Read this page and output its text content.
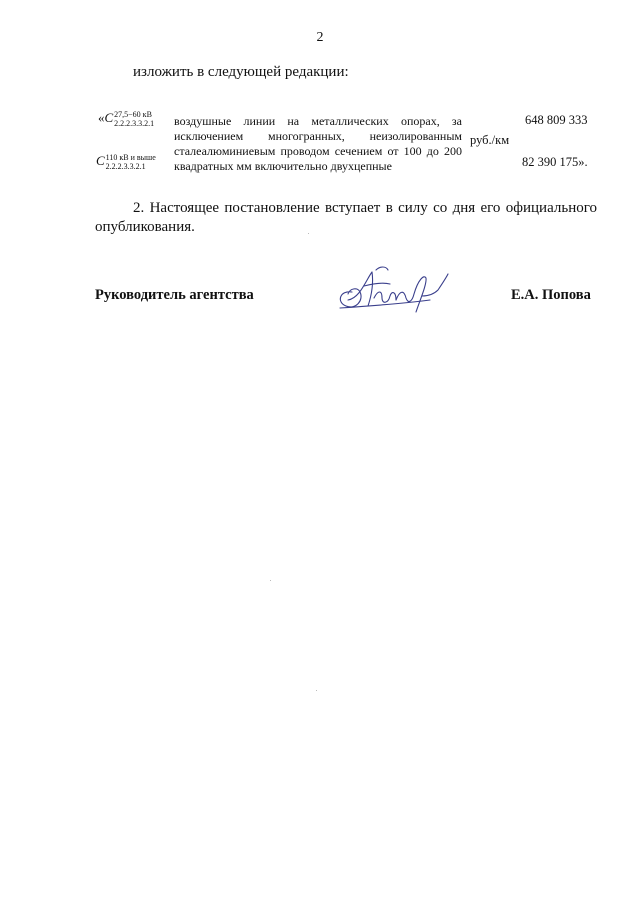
2
изложить в следующей редакции:
«C 27,5−60 кВ
2.2.2.3.3.2.1
C 110 кВ и выше
2.2.2.3.3.2.1
воздушные линии на металлических опорах, за исключением многогранных, неизолированным сталеалюминиевым проводом сечением от 100 до 200 квадратных мм включительно двухцепные
руб./км
648 809 333
82 390 175».
2. Настоящее постановление вступает в силу со дня его официального опубликования.
Руководитель агентства	Е.А. Попова
